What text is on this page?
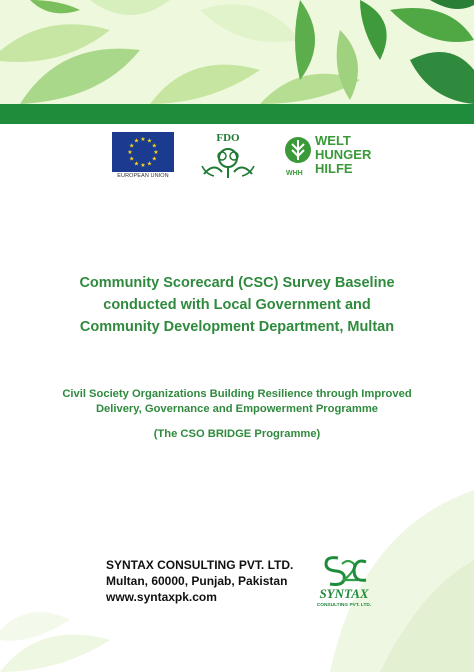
★ ★
★
★
★
★
★
★
★
★
★
★
EUROPEAN UNION
FDO	WELT
HUNGER
HILFE
WHH
Community Scorecard (CSC) Survey Baseline
conducted with Local Government and
Community Development Department, Multan
Civil Society Organizations Building Resilience through Improved
Delivery, Governance and Empowerment Programme
(The CSO BRIDGE Programme)
SYNTAX CONSULTING PVT. LTD.
Multan, 60000, Punjab, Pakistan
www.syntaxpk.com	SYNTAX
CONSULTING PVT. LTD.
